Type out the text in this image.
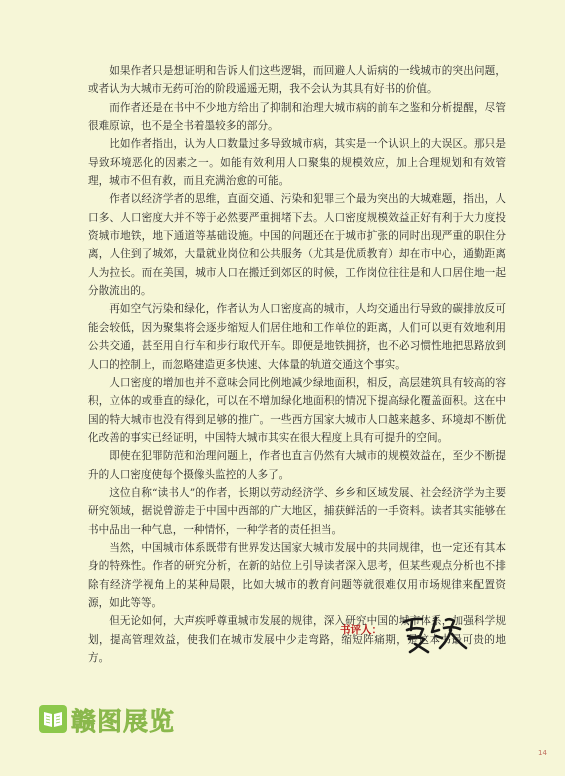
如果作者只是想证明和告诉人们这些逻辑，而回避人人诟病的一线城市的突出问题，或者认为大城市无药可治的阶段遥遥无期，我不会认为其具有好书的价值。

而作者还是在书中不少地方给出了抑制和治理大城市病的前车之鉴和分析提醒，尽管很难原谅，也不是全书着墨较多的部分。

比如作者指出，认为人口数量过多导致城市病，其实是一个认识上的大误区。那只是导致环境恶化的因素之一。如能有效利用人口聚集的规模效应，加上合理规划和有效管理，城市不但有救，而且充满治愈的可能。

作者以经济学者的思维，直面交通、污染和犯罪三个最为突出的大城难题，指出，人口多、人口密度大并不等于必然要严重拥堵下去。人口密度规模效益正好有利于大力度投资城市地铁，地下通道等基础设施。中国的问题还在于城市扩张的同时出现严重的职住分离，人住到了城郊，大量就业岗位和公共服务（尤其是优质教育）却在市中心，通勤距离人为拉长。而在美国，城市人口在搬迁到郊区的时候，工作岗位往往是和人口居住地一起分散流出的。

再如空气污染和绿化，作者认为人口密度高的城市，人均交通出行导致的碳排放反可能会较低，因为聚集将会逐步缩短人们居住地和工作单位的距离，人们可以更有效地利用公共交通，甚至用自行车和步行取代开车。即便是地铁拥挤，也不必习惯性地把思路放到人口的控制上，而忽略建造更多快速、大体量的轨道交通这个事实。

人口密度的增加也并不意味会同比例地减少绿地面积，相反，高层建筑具有较高的容积，立体的或垂直的绿化，可以在不增加绿化地面积的情况下提高绿化覆盖面积。这在中国的特大城市也没有得到足够的推广。一些西方国家大城市人口越来越多、环境却不断优化改善的事实已经证明，中国特大城市其实在很大程度上具有可提升的空间。

即使在犯罪防范和治理问题上，作者也直言仍然有大城市的规模效益在，至少不断提升的人口密度使每个摄像头监控的人多了。

这位自称“读书人”的作者，长期以劳动经济学、乡乡和区域发展、社会经济学为主要研究领域，据说曾游走于中国中西部的广大地区，捕获鲜活的一手资料。读者其实能够在书中品出一种气息，一种情怀，一种学者的责任担当。

当然，中国城市体系既带有世界发达国家大城市发展中的共同规律，也一定还有其本身的特殊性。作者的研究分析，在新的站位上引导读者深入思考，但某些观点分析也不排除有经济学视角上的某种局限，比如大城市的教育问题等就很难仅用市场规律来配置资源，如此等等。

但无论如何，大声疾呼尊重城市发展的规律，深入研究中国的城市体系，加强科学规划，提高管理效益，使我们在城市发展中少走弯路，缩短阵痛期，是这本书最可贵的地方。

书评人：
赣图展览
14
